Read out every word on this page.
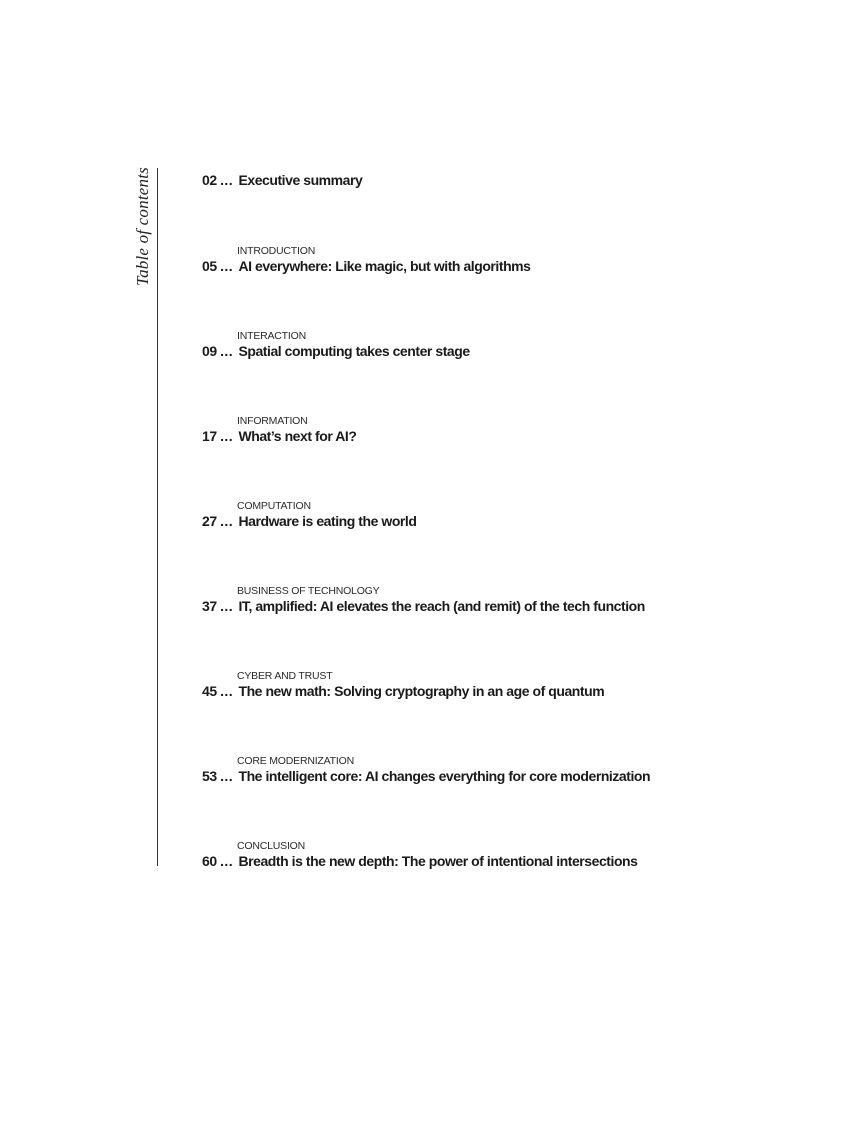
Table of contents	02 ... Executive summary
INTRODUCTION
05 ... AI everywhere: Like magic, but with algorithms
INTERACTION
09 ... Spatial computing takes center stage
INFORMATION
17 ... What’s next for AI?
COMPUTATION
27 ... Hardware is eating the world
BUSINESS OF TECHNOLOGY
37 ... IT, amplified: AI elevates the reach (and remit) of the tech function
CYBER AND TRUST
45 ... The new math: Solving cryptography in an age of quantum
CORE MODERNIZATION
53 ... The intelligent core: AI changes everything for core modernization
CONCLUSION
60 ... Breadth is the new depth: The power of intentional intersections
